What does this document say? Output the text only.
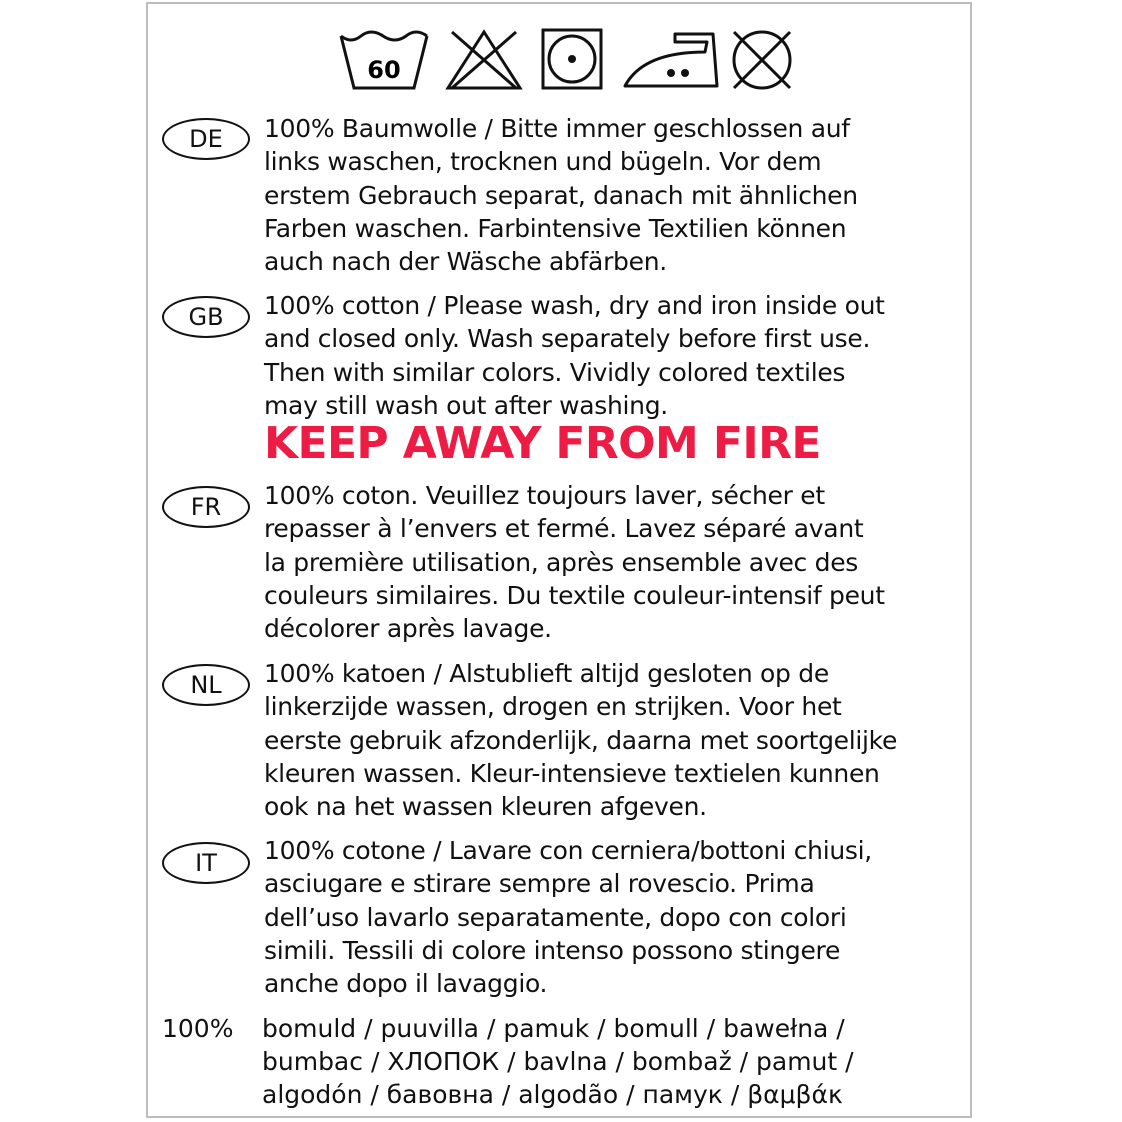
60
DE	100% Baumwolle / Bitte immer geschlossen auf
links waschen, trocknen und bügeln. Vor dem
erstem Gebrauch separat, danach mit ähnlichen
Farben waschen. Farbintensive Textilien können
auch nach der Wäsche abfärben.

GB	100% cotton / Please wash, dry and iron inside out
and closed only. Wash separately before first use.
Then with similar colors. Vividly colored textiles
may still wash out after washing.

KEEP AWAY FROM FIRE
FR	100% coton. Veuillez toujours laver, sécher et
repasser à l’envers et fermé. Lavez séparé avant
la première utilisation, après ensemble avec des
couleurs similaires. Du textile couleur-intensif peut
décolorer après lavage.

NL	100% katoen / Alstublieft altijd gesloten op de
linkerzijde wassen, drogen en strijken. Voor het
eerste gebruik afzonderlijk, daarna met soortgelijke
kleuren wassen. Kleur-intensieve textielen kunnen
ook na het wassen kleuren afgeven.

IT	100% cotone / Lavare con cerniera/bottoni chiusi,
asciugare e stirare sempre al rovescio. Prima
dell’uso lavarlo separatamente, dopo con colori
simili. Tessili di colore intenso possono stingere
anche dopo il lavaggio.

100% bomuld / puuvilla / pamuk / bomull / bawełna /
bumbac / ХЛОПОК / bavlna / bombaž / pamut /
algodón / бавовна / algodão / памук / βαμβάκ
